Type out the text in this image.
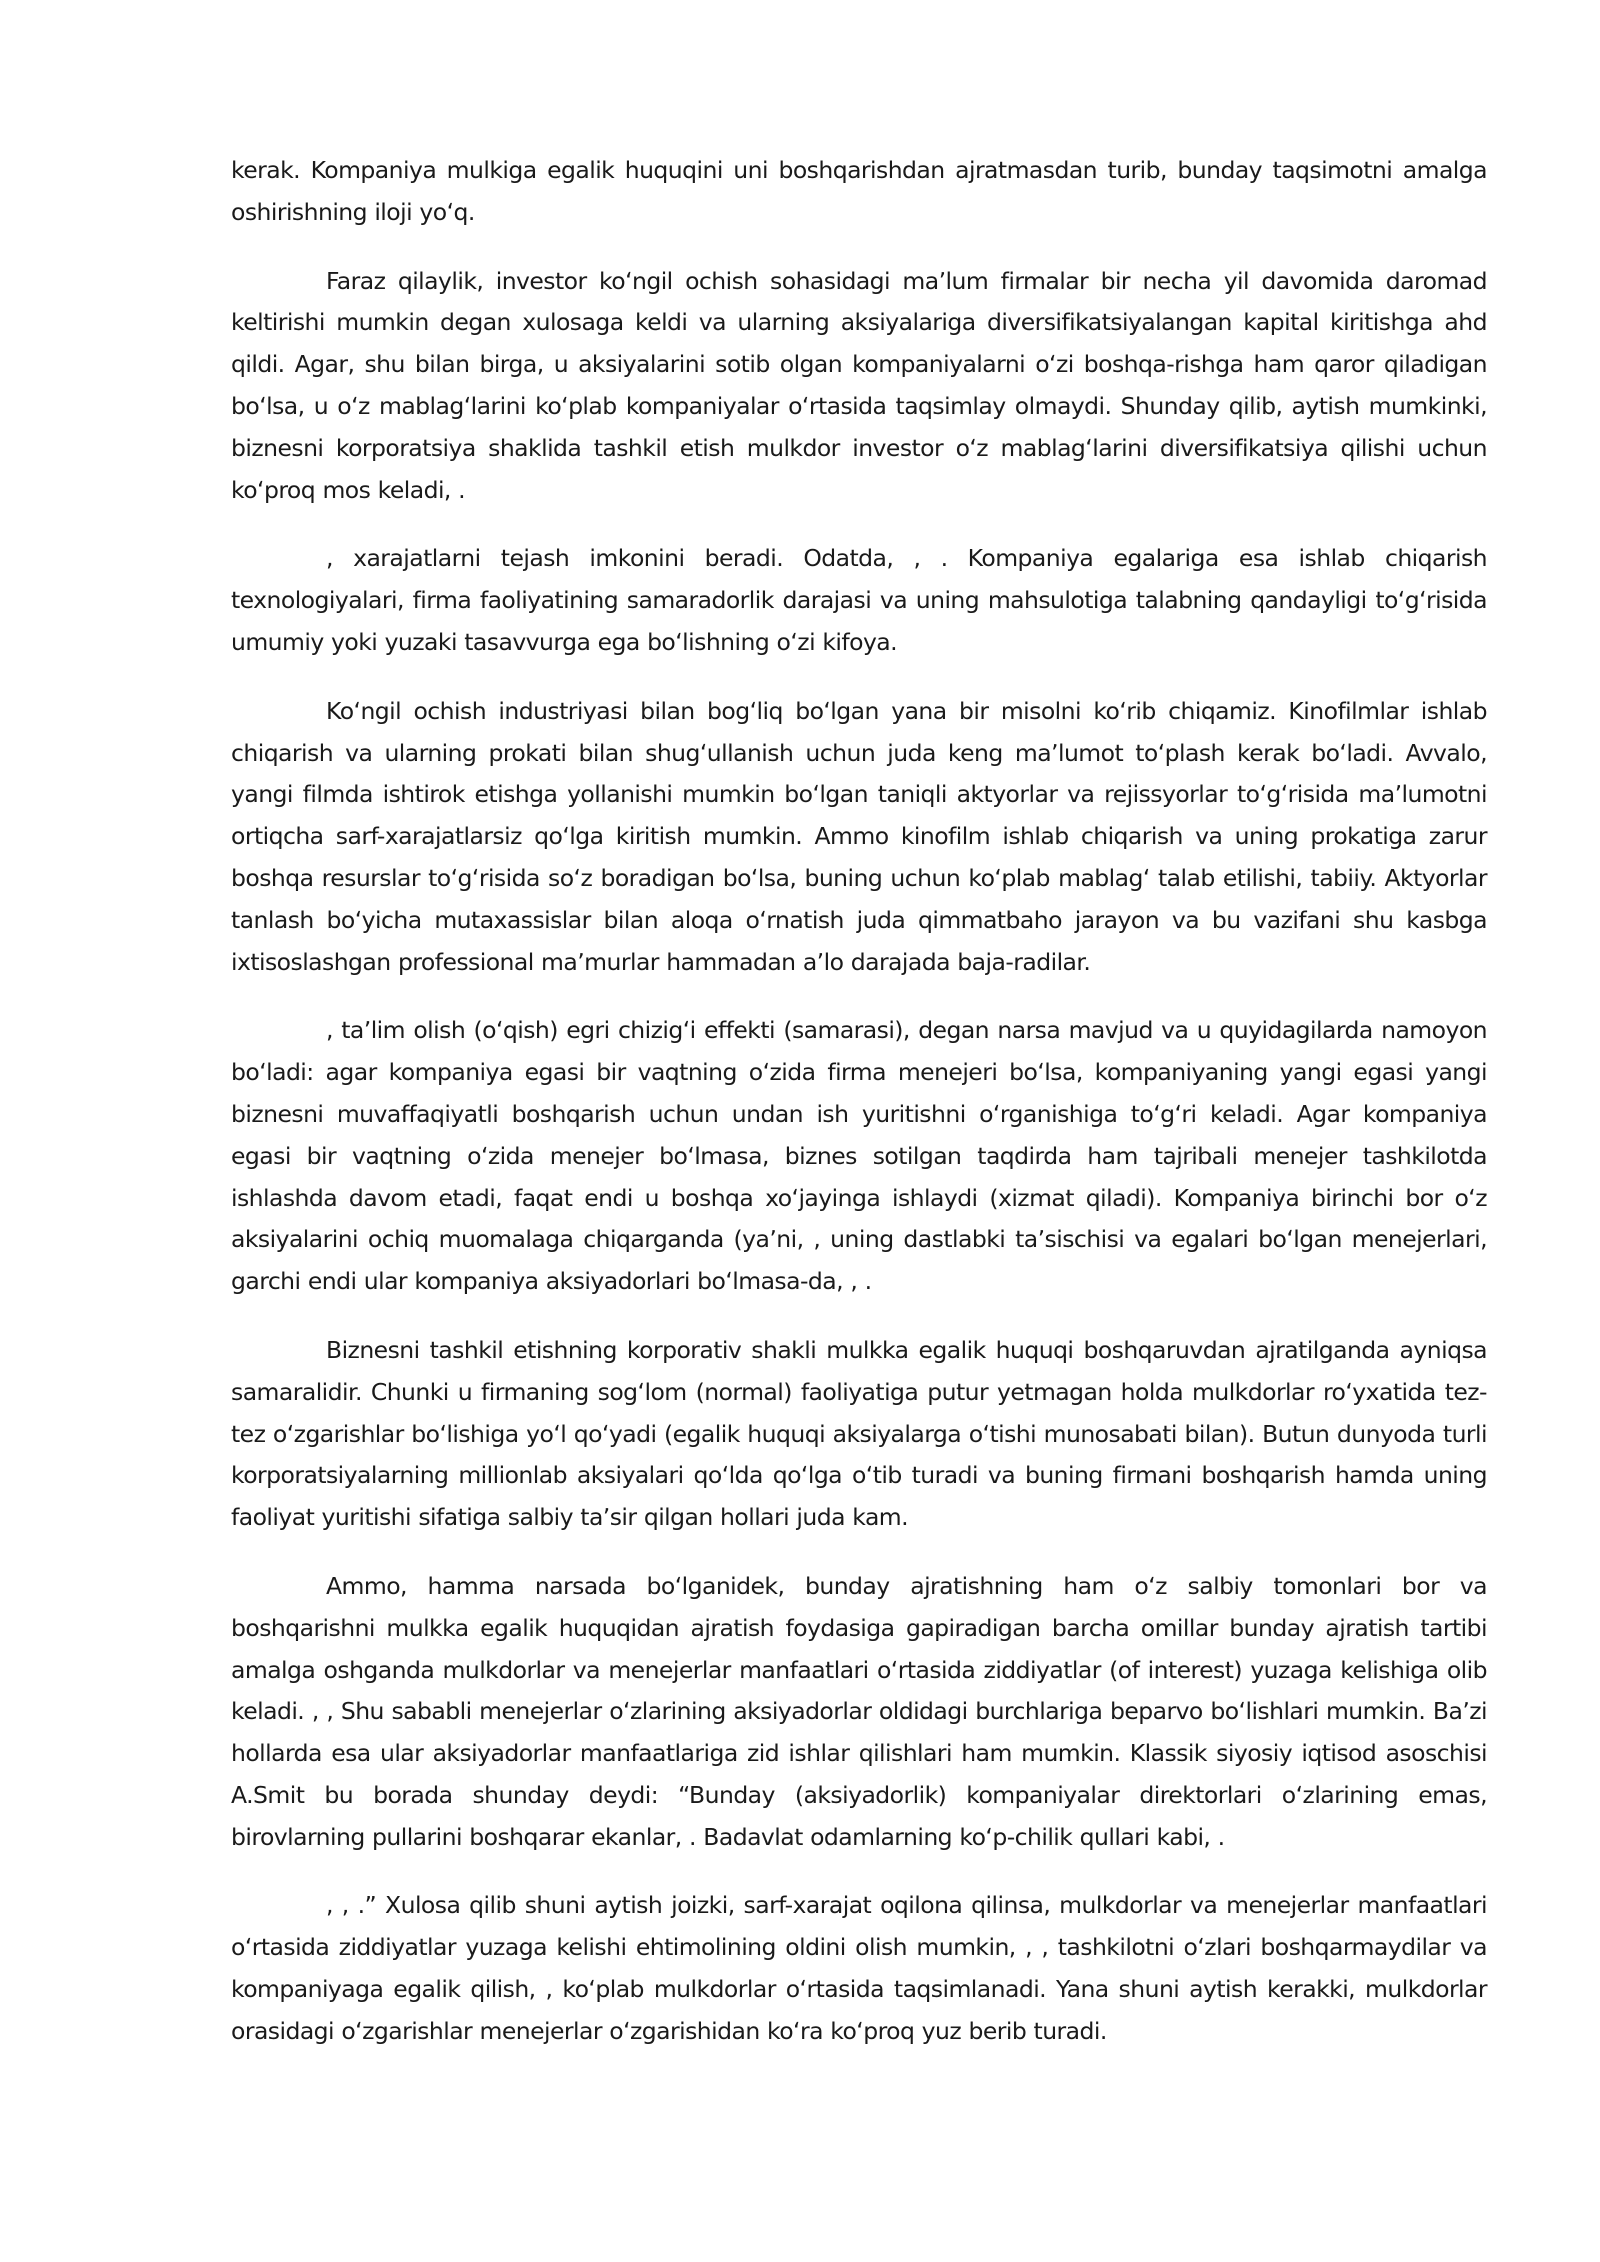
kerak. Kompaniya mulkiga egalik huquqini uni boshqarishdan ajratmasdan turib, bunday taqsimotni amalga oshirishning iloji yoʻq.

Faraz qilaylik, investor koʻngil ochish sohasidagi maʼlum firmalar bir necha yil davomida daromad keltirishi mumkin degan xulosaga keldi va ularning aksiyalariga diversifikatsiyalangan kapital kiritishga ahd qildi. Agar, shu bilan birga, u aksiyalarini sotib olgan kompaniyalarni oʻzi boshqa-rishga ham qaror qiladigan boʻlsa, u oʻz mablagʻlarini koʻplab kompaniyalar oʻrtasida taqsimlay olmaydi. Shunday qilib, aytish mumkinki, biznesni korporatsiya shaklida tashkil etish mulkdor investor oʻz mablagʻlarini diversifikatsiya qilishi uchun koʻproq mos keladi, .

, xarajatlarni tejash imkonini beradi. Odatda, , . Kompaniya egalariga esa ishlab chiqarish texnologiyalari, firma faoliyatining samaradorlik darajasi va uning mahsulotiga talabning qandayligi toʻgʻrisida umumiy yoki yuzaki tasavvurga ega boʻlishning oʻzi kifoya.

Koʻngil ochish industriyasi bilan bogʻliq boʻlgan yana bir misolni koʻrib chiqamiz. Kinofilmlar ishlab chiqarish va ularning prokati bilan shugʻullanish uchun juda keng maʼlumot toʻplash kerak boʻladi. Avvalo, yangi filmda ishtirok etishga yollanishi mumkin boʻlgan taniqli aktyorlar va rejissyorlar toʻgʻrisida maʼlumotni ortiqcha sarf-xarajatlarsiz qoʻlga kiritish mumkin. Ammo kinofilm ishlab chiqarish va uning prokatiga zarur boshqa resurslar toʻgʻrisida soʻz boradigan boʻlsa, buning uchun koʻplab mablagʻ talab etilishi, tabiiy. Aktyorlar tanlash boʻyicha mutaxassislar bilan aloqa oʻrnatish juda qimmatbaho jarayon va bu vazifani shu kasbga ixtisoslashgan professional maʼmurlar hammadan aʼlo darajada baja-radilar.

, taʼlim olish (oʻqish) egri chizigʻi effekti (samarasi), degan narsa mavjud va u quyidagilarda namoyon boʻladi: agar kompaniya egasi bir vaqtning oʻzida firma menejeri boʻlsa, kompaniyaning yangi egasi yangi biznesni muvaffaqiyatli boshqarish uchun undan ish yuritishni oʻrganishiga toʻgʻri keladi. Agar kompaniya egasi bir vaqtning oʻzida menejer boʻlmasa, biznes sotilgan taqdirda ham tajribali menejer tashkilotda ishlashda davom etadi, faqat endi u boshqa xoʻjayinga ishlaydi (xizmat qiladi). Kompaniya birinchi bor oʻz aksiyalarini ochiq muomalaga chiqarganda (yaʼni, , uning dastlabki taʼsischisi va egalari boʻlgan menejerlari, garchi endi ular kompaniya aksiyadorlari boʻlmasa-da, , .

Biznesni tashkil etishning korporativ shakli mulkka egalik huquqi boshqaruvdan ajratilganda ayniqsa samaralidir. Chunki u firmaning sogʻlom (normal) faoliyatiga putur yetmagan holda mulkdorlar roʻyxatida tez-tez oʻzgarishlar boʻlishiga yoʻl qoʻyadi (egalik huquqi aksiyalarga oʻtishi munosabati bilan). Butun dunyoda turli korporatsiyalarning millionlab aksiyalari qoʻlda qoʻlga oʻtib turadi va buning firmani boshqarish hamda uning faoliyat yuritishi sifatiga salbiy taʼsir qilgan hollari juda kam.

Ammo, hamma narsada boʻlganidek, bunday ajratishning ham oʻz salbiy tomonlari bor va boshqarishni mulkka egalik huquqidan ajratish foydasiga gapiradigan barcha omillar bunday ajratish tartibi amalga oshganda mulkdorlar va menejerlar manfaatlari oʻrtasida ziddiyatlar (of interest) yuzaga kelishiga olib keladi. , , Shu sababli menejerlar oʻzlarining aksiyadorlar oldidagi burchlariga beparvo boʻlishlari mumkin. Baʼzi hollarda esa ular aksiyadorlar manfaatlariga zid ishlar qilishlari ham mumkin. Klassik siyosiy iqtisod asoschisi A.Smit bu borada shunday deydi: “Bunday (aksiyadorlik) kompaniyalar direktorlari oʻzlarining emas, birovlarning pullarini boshqarar ekanlar, . Badavlat odamlarning koʻp-chilik qullari kabi, .

, , .” Xulosa qilib shuni aytish joizki, sarf-xarajat oqilona qilinsa, mulkdorlar va menejerlar manfaatlari oʻrtasida ziddiyatlar yuzaga kelishi ehtimolining oldini olish mumkin, , , tashkilotni oʻzlari boshqarmaydilar va kompaniyaga egalik qilish, , koʻplab mulkdorlar oʻrtasida taqsimlanadi. Yana shuni aytish kerakki, mulkdorlar orasidagi oʻzgarishlar menejerlar oʻzgarishidan koʻra koʻproq yuz berib turadi.
